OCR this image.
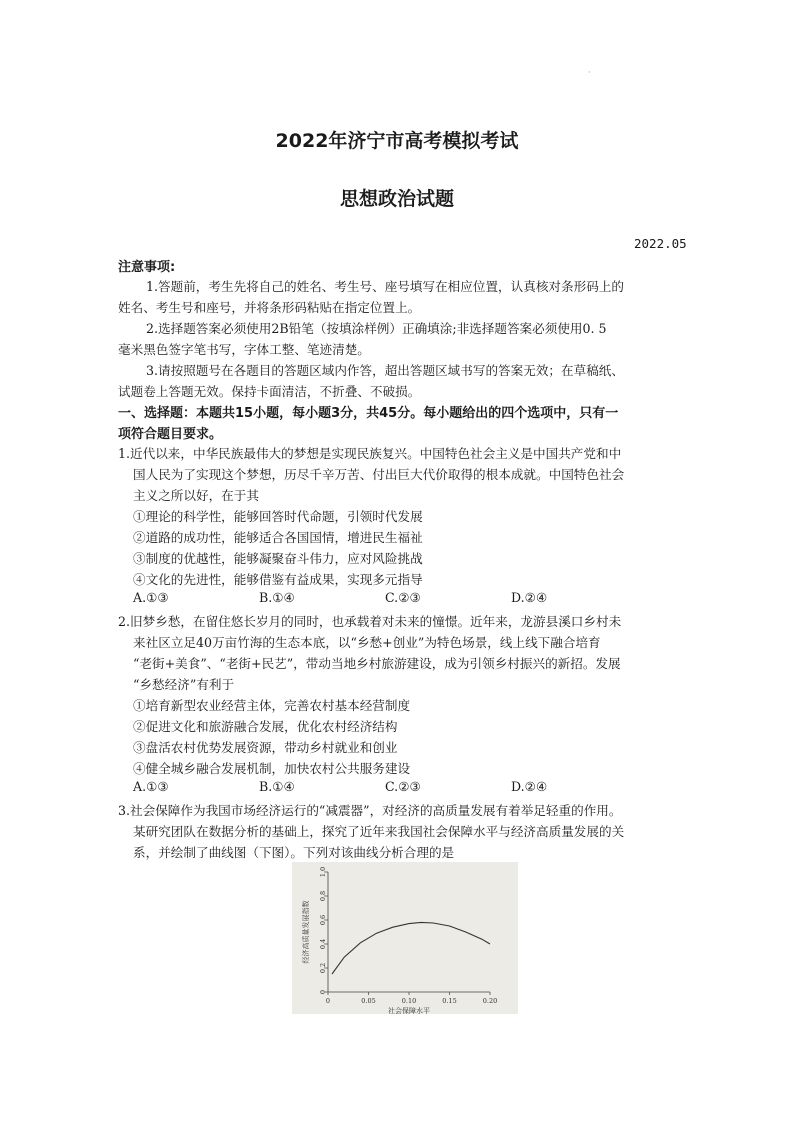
·
2022年济宁市高考模拟考试
思想政治试题
2022.05
注意事项:
1.答题前，考生先将自己的姓名、考生号、座号填写在相应位置，认真核对条形码上的
姓名、考生号和座号，并将条形码粘贴在指定位置上。
2.选择题答案必须使用2B铅笔（按填涂样例）正确填涂;非选择题答案必须使用0. 5
毫米黑色签字笔书写，字体工整、笔迹清楚。
3.请按照题号在各题目的答题区域内作答，超出答题区域书写的答案无效；在草稿纸、
试题卷上答题无效。保持卡面清洁，不折叠、不破损。
一、选择题：本题共15小题，每小题3分，共45分。每小题给出的四个选项中，只有一
项符合题目要求。
1.近代以来，中华民族最伟大的梦想是实现民族复兴。中国特色社会主义是中国共产党和中
国人民为了实现这个梦想，历尽千辛万苦、付出巨大代价取得的根本成就。中国特色社会
主义之所以好，在于其
①理论的科学性，能够回答时代命题，引领时代发展
②道路的成功性，能够适合各国国情，增进民生福祉
③制度的优越性，能够凝聚奋斗伟力，应对风险挑战
④文化的先进性，能够借鉴有益成果，实现多元指导
A.①③	B.①④	C.②③	D.②④
2.旧梦乡愁，在留住悠长岁月的同时，也承载着对未来的憧憬。近年来，龙游县溪口乡村未
来社区立足40万亩竹海的生态本底，以“乡愁+创业”为特色场景，线上线下融合培育
“老街+美食”、“老街+民艺”，带动当地乡村旅游建设，成为引领乡村振兴的新招。发展
“乡愁经济”有利于
①培育新型农业经营主体，完善农村基本经营制度
②促进文化和旅游融合发展，优化农村经济结构
③盘活农村优势发展资源，带动乡村就业和创业
④健全城乡融合发展机制，加快农村公共服务建设
A.①③	B.①④	C.②③	D.②④
3.社会保障作为我国市场经济运行的“减震器”，对经济的高质量发展有着举足轻重的作用。
某研究团队在数据分析的基础上，探究了近年来我国社会保障水平与经济高质量发展的关
系，并绘制了曲线图（下图）。下列对该曲线分析合理的是
0	0.05	0.10	0.15	0.20
0
0.2
0.4
0.6
0.8
1.0
社会保障水平
经济高质量发展指数
